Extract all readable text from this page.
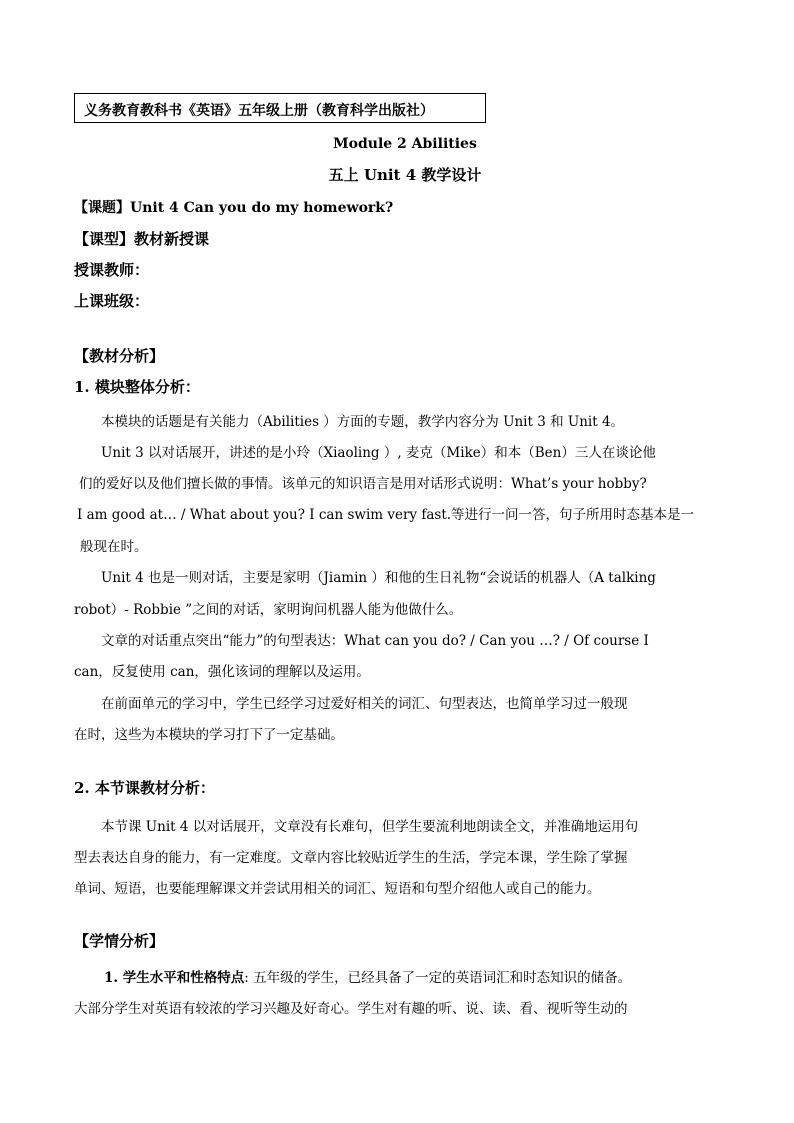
义务教育教科书《英语》五年级上册（教育科学出版社）
Module 2 Abilities
五上 Unit 4 教学设计
【课题】Unit 4 Can you do my homework?
【课型】教材新授课
授课教师：
上课班级：
【教材分析】
1. 模块整体分析：
本模块的话题是有关能力（Abilities ）方面的专题，教学内容分为 Unit 3 和 Unit 4。
Unit 3 以对话展开，讲述的是小玲（Xiaoling ）, 麦克（Mike）和本（Ben）三人在谈论他
们的爱好以及他们擅长做的事情。该单元的知识语言是用对话形式说明：What’s your hobby?
I am good at… / What about you? I can swim very fast.等进行一问一答，句子所用时态基本是一
般现在时。
Unit 4 也是一则对话，主要是家明（Jiamin ）和他的生日礼物“会说话的机器人（A talking
robot）- Robbie ”之间的对话，家明询问机器人能为他做什么。
文章的对话重点突出“能力”的句型表达：What can you do? / Can you …? / Of course I
can，反复使用 can，强化该词的理解以及运用。
在前面单元的学习中，学生已经学习过爱好相关的词汇、句型表达，也简单学习过一般现
在时，这些为本模块的学习打下了一定基础。
2. 本节课教材分析：
本节课 Unit 4 以对话展开，文章没有长难句，但学生要流利地朗读全文，并准确地运用句
型去表达自身的能力，有一定难度。文章内容比较贴近学生的生活，学完本课，学生除了掌握
单词、短语，也要能理解课文并尝试用相关的词汇、短语和句型介绍他人或自己的能力。
【学情分析】
1. 学生水平和性格特点: 五年级的学生，已经具备了一定的英语词汇和时态知识的储备。
大部分学生对英语有较浓的学习兴趣及好奇心。学生对有趣的听、说、读、看、视听等生动的
